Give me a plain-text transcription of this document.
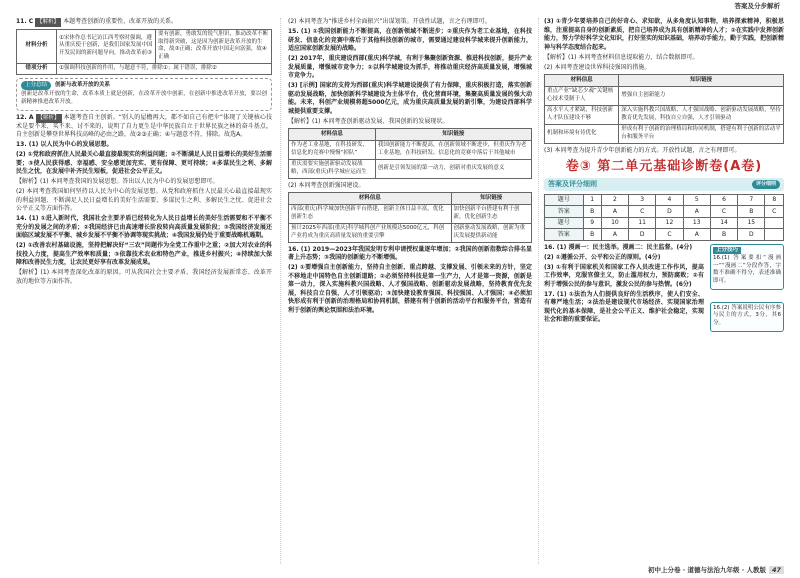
答案及分步解析

11. C 【解析】 本题考查创新的重要性、改革开放的关系。

材料分析	①宋体作总书记访江西考察时强调，遵从重庆使于创新，是我们国家发展中国开发民间的新问题导向，推动改革前③	要有创新，勇敢发的锐气胆识，推动改革不断取得新突破，这是因为创新是改革开放的生命，故③正确；改革开放中国走向富强，故④正确
错项分析	①强调科技创新的作用，与题意不符，排除①；属于错误，排除②	
上分总结 创新与改革开放的关系

创新是改革开放的生命，改革本质上就是创新，在改革开放中创新，在创新中推进改革开放，要以创新精神推进改革开放。

12. A 【解析】 本题考查自主创新。“别人的屋檐再大，都不如自己有把伞”体现了关键核心技术是要不来、买不来、讨不来的，说明了自力更生是中华民族自立于世界民族之林的奋斗基点，自主创新是攀登世界科技高峰的必由之路，故②③正确；④与题意不符，排除。故选A。

13. (1) 以人民为中心的发展思想。

(2) ①党和政府抓住人民最关心最直接最现实的利益问题；②不断满足人民日益增长的美好生活需要；③使人民获得感、幸福感、安全感更加充实、更有保障、更可持续；④多谋民生之利、多解民生之忧，在发展中补齐民生短板，促进社会公平正义。

【解析】(1) 本问考查我国的发展思想。答出以人民为中心的发展思想即可。

(2) 本问考查我国如何坚持以人民为中心的发展思想。从党和政府抓住人民最关心最直接最现实的利益问题、不断满足人民日益增长的美好生活需要、多谋民生之利、多解民生之忧、促进社会公平正义等方面作答。

14. (1) ①进入新时代，我国社会主要矛盾已经转化为人民日益增长的美好生活需要和不平衡不充分的发展之间的矛盾；②我国经济已由高速增长阶段转向高质量发展阶段；③我国经济发展还面临区域发展不平衡、城乡发展不平衡不协调等现实挑战；④我国发展仍处于重要战略机遇期。

(2) ①改善农村基础设施，坚持把解决好“三农”问题作为全党工作重中之重；②加大对农业的科技投入力度，提高生产效率和质量；③依靠技术农业和特色产业，推进乡村振兴；④持续加大保障和改善民生力度，让农民更好享有改革发展成果。

【解析】(1) 本问考查深化改革的原因。可从我国社会主要矛盾、我国经济发展新常态、改革开放的地位等方面作答。

(2) 本问考查为“推进乡村全面振兴”出谋划策。开放性试题，言之有理即可。

15. (1) ①我国创新能力不断提高，在创新领域不断进步；②重庆作为老工业基地，在科技研发、信息化的竞赛中落后于其他科技创新的城市，需要通过建设科学城来提升创新能力，适应国家创新发展的战略。

(2) 2017年，重庆建设西部(重庆)科学城，有利于集聚创新资源、推进科技创新，提升产业发展质量，增强城市竞争力；②以科学城建设为抓手，将推动重庆经济高质量发展，增强城市竞争力。

(3) [示例] 国家的支持为西部(重庆)科学城建设提供了有力保障，重庆积极打造，落实创新驱动发展战略，加快创新科学城建设为主体平台，优化营商环境，集聚高质量发展的强大动能。未来，科创产业规模将超5000亿元，成为重庆高质量发展的新引擎，为建设西部科学城提供重要支撑。

【解析】(1) 本问考查创新驱动发展、我国创新的发展现状。

材料信息	知识链接
作为老工业基地，在科技研发、信息化的竞赛中慢慢“掉队”	我国创新能力不断提高，在创新领域不断进步，但重庆作为老工业基地，在科技研发、信息化的竞赛中落后于其他城市
重庆需要实施创新驱动发展战略，西部(重庆)科学城应运而生	创新是引领发展的第一动力，创新对重庆发展的意义

(2) 本问考查创新强国建设。

材料信息	知识链接
西部(重庆)科学城加快创新平台搭建，创新主体日益丰富，优化创新生态	加快创新平台搭建有利于创新，优化创新生态
预计2025年西部(重庆)科学城科创产业规模达5000亿元，科创产业将成为重庆高质量发展的重要引擎	创新驱动发展战略，创新为重庆发展提供新动能

16. (1) 2019—2023年我国发明专利申请授权量逐年增加；②我国的创新指数综合排名显著上升态势；③我国的创新能力不断增强。

(2) ①要增强自主创新能力，坚持自主创新、重点跨越、支撑发展、引领未来的方针，坚定不移地走中国特色自主创新道路；②必须坚持科技是第一生产力，人才是第一资源，创新是第一动力，深入实施科教兴国战略、人才强国战略、创新驱动发展战略，坚持教育优先发展，科技自立自强，人才引领驱动；③加快建设教育强国、科技强国、人才强国；④必须加快形成有利于创新的治理格局和协同机制，搭建有利于创新的活动平台和服务平台，营造有利于创新的舆论氛围和法治环境。

(3) ①青少年要培养自己的好奇心、求知欲，从多角度认知事物，培养探索精神，积极思维，注重提高自身的创新素质，把自己培养成为具有创新精神的人才；②在实践中发挥创新能力，努力学好科学文化知识，打好坚实的知识基础，培养动手能力，勤于实践，把创新精神与科学态度结合起来。

【解析】(1) 本问考查材料信息提取能力，结合数据即可。

(2) 本问考查建设世界科技强国的措施。

材料信息	知识链接
重点产业“缺芯少魂”关键核心技术受制于人	增强自主创新能力
高水平人才紧缺，科技创新人才队伍建设不够	深入实施科教兴国战略、人才强国战略、创新驱动发展战略，坚持教育优先发展，科技自立自强，人才引领驱动
机制和环境有待优化	形成有利于创新的治理格局和协同机制，搭建有利于创新的活动平台和服务平台

(3) 本问考查为提升青少年创新能力的方式。开放性试题，言之有理即可。

卷③ 第二单元基础诊断卷(A卷)
答案及评分细则	评分细则
题号	1	2	3	4	5	6	7	8
答案	B	A	C	D	A	C	B	C
题号	9	10	11	12	13	14	15	
答案	B	A	D	C	A	B	D	

16. (1) 漫画一：民主选举。漫画二：民主监督。(4分)

(2) ①遵循公开、公平和公正的原则。(4分)

(3) ①有利于国家机关和国家工作人员改进工作作风，提高工作效率，克服官僚主义，防止滥用权力，预防腐败；②有利于增强公民的参与意识，激发公民的参与热情。(6分)

17. (1) ①法治为人们提供良好的生活秩序，使人们安全、有尊严地生活；②法治是建设现代市场经济、实现国家治理现代化的基本保障，是社会公平正义、维护社会稳定，实现社会和谐的重要保证。

上分技巧

16.(1) 答案要扣“漫画一”“漫画二”分段作答，字数不准确不得分，表述准确即可。

16.(2) 答案说明公民有序参与民主的方式，3分，其6分。

初中上分卷 · 道德与法治九年级 · 人教版 47
